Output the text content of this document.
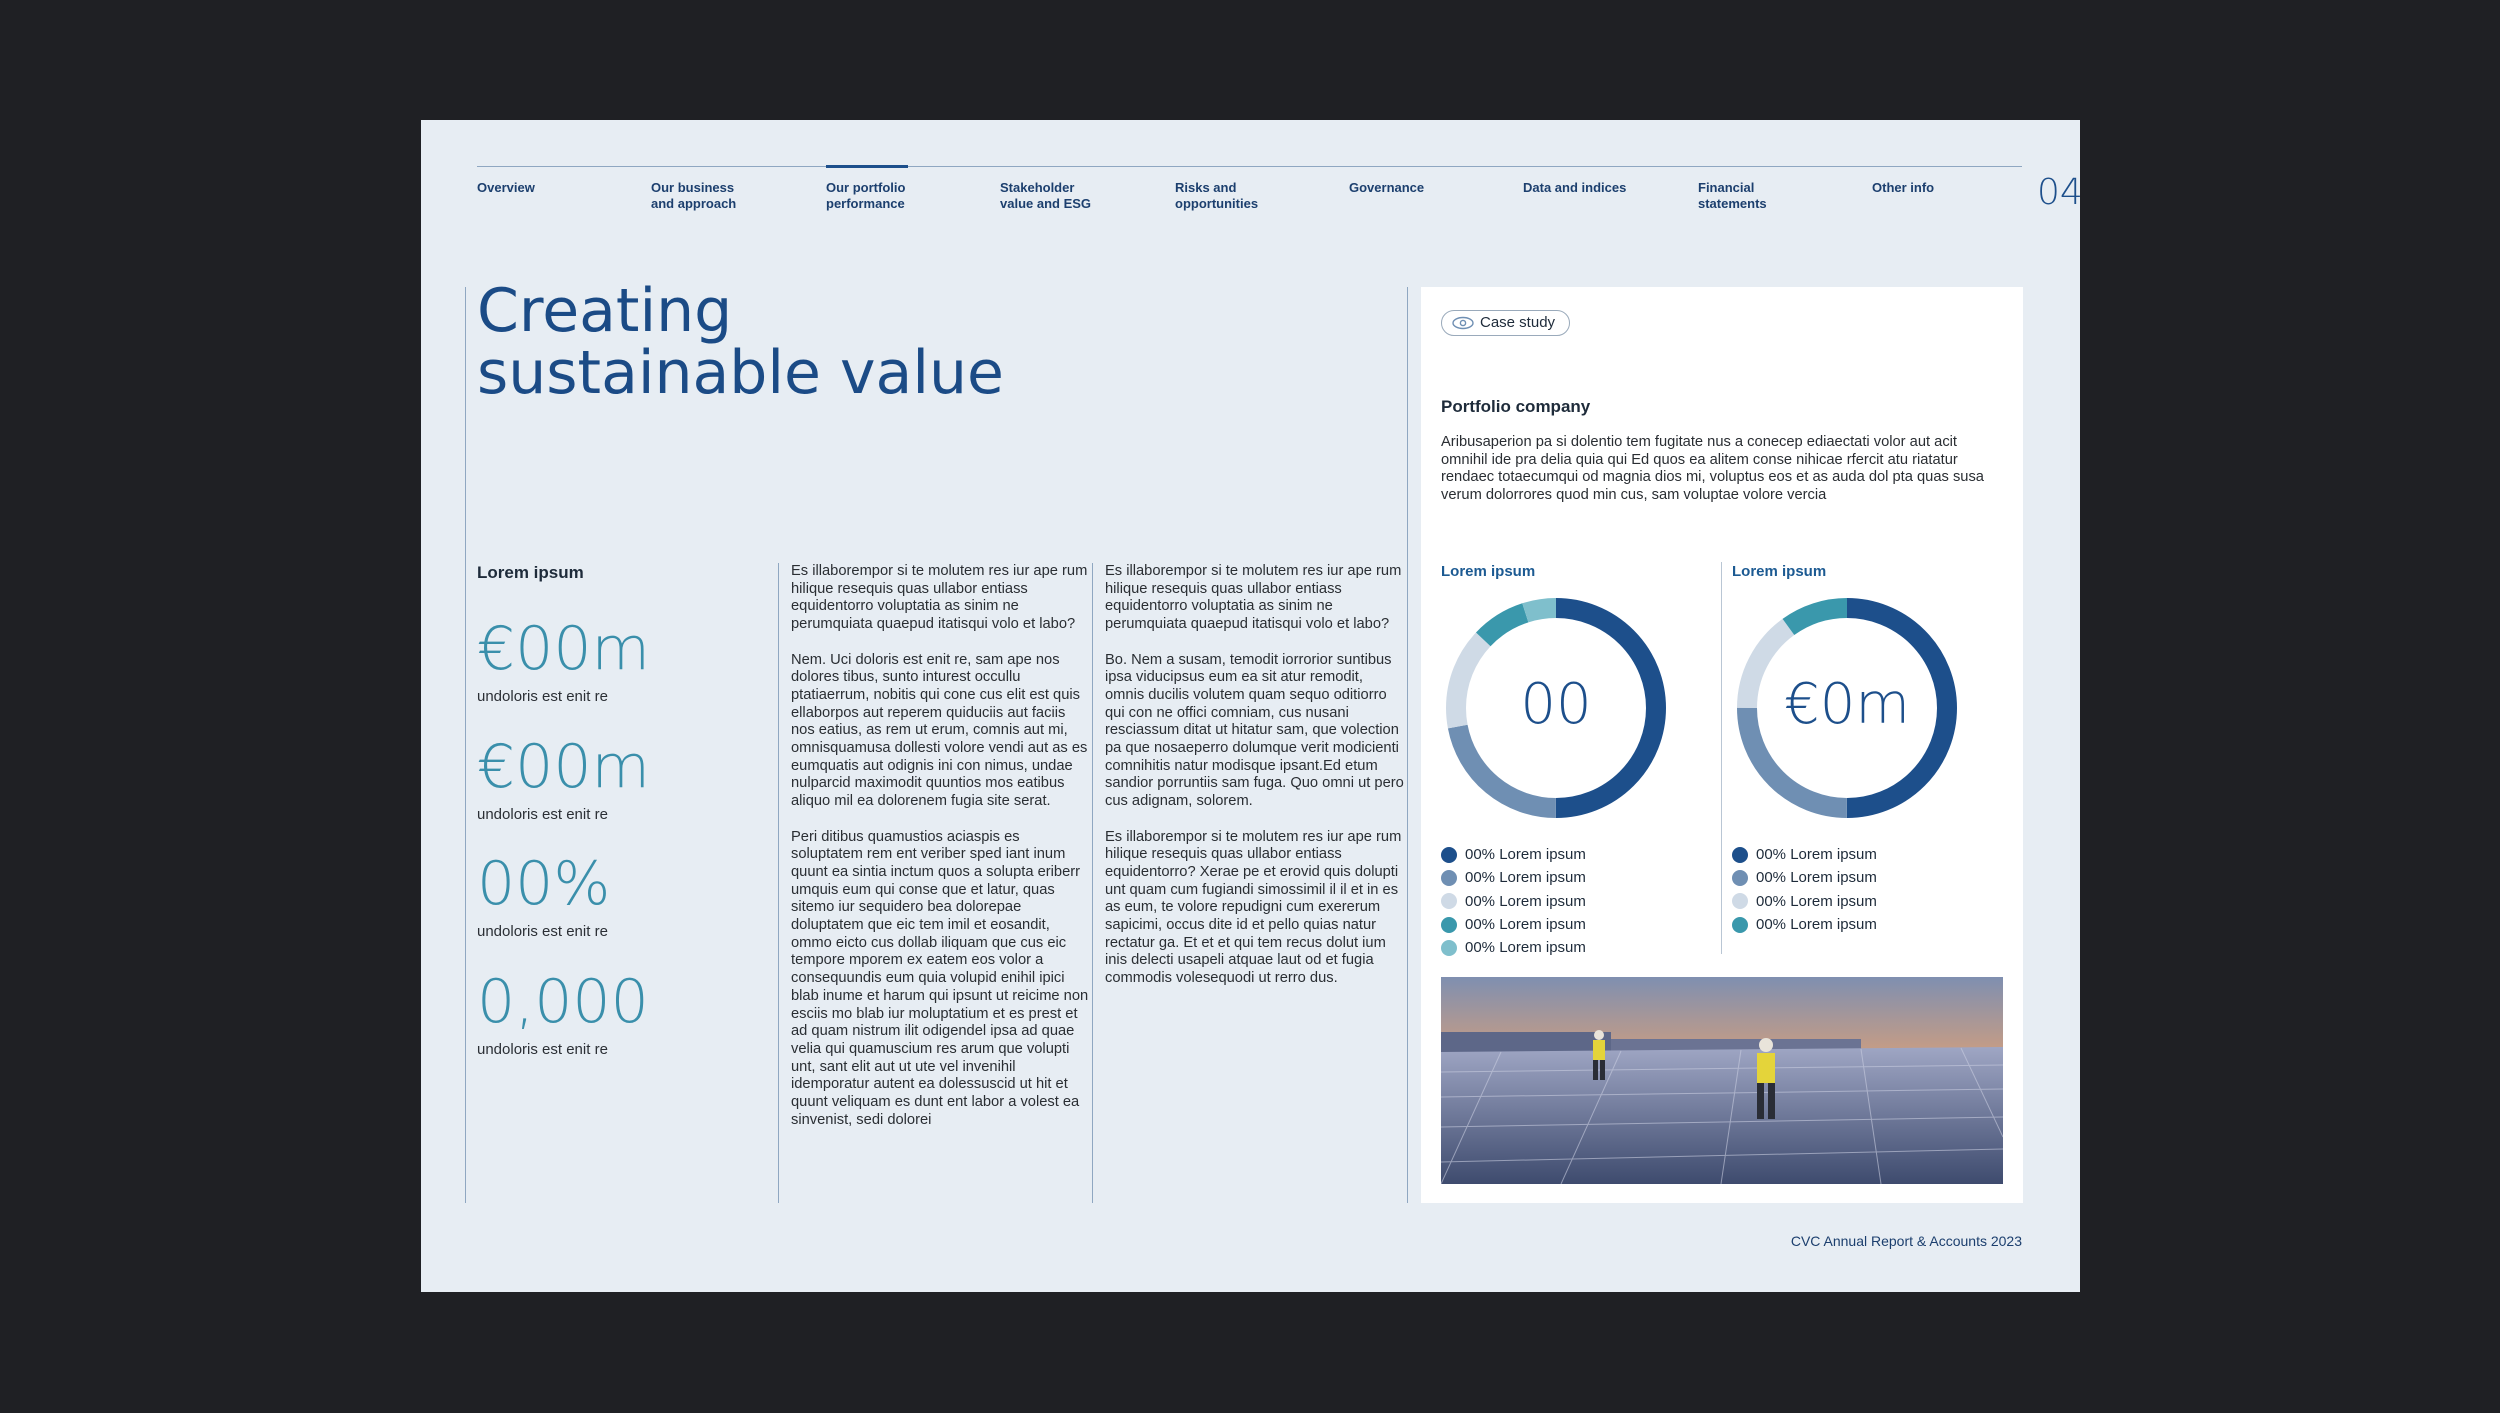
Overview	Our business
and approach
Our portfolio
performance
Stakeholder
value and ESG
Risks and
opportunities
Governance	Data and indices	Financial
statements
Other info	04
Creating
sustainable value
Lorem ipsum
€00m
undoloris est enit re
€00m
undoloris est enit re
00%
undoloris est enit re
0,000
undoloris est enit re

Es illaborempor si te molutem res iur ape rum hilique resequis quas ullabor entiass equidentorro voluptatia as sinim ne perumquiata quaepud itatisqui volo et labo?

Nem. Uci doloris est enit re, sam ape nos dolores tibus, sunto inturest occullu ptatiaerrum, nobitis qui cone cus elit est quis ellaborpos aut reperem quiduciis aut faciis nos eatius, as rem ut erum, comnis aut mi, omnisquamusa dollesti volore vendi aut as es eumquatis aut odignis ini con nimus, undae nulparcid maximodit quuntios mos eatibus aliquo mil ea dolorenem fugia site serat.

Peri ditibus quamustios aciaspis es soluptatem rem ent veriber sped iant inum quunt ea sintia inctum quos a solupta eriberr umquis eum qui conse que et latur, quas sitemo iur sequidero bea dolorepae doluptatem que eic tem imil et eosandit, ommo eicto cus dollab iliquam que cus eic tempore mporem ex eatem eos volor a consequundis eum quia volupid enihil ipici blab inume et harum qui ipsunt ut reicime non esciis mo blab iur moluptatium et es prest et ad quam nistrum ilit odigendel ipsa ad quae velia qui quamuscium res arum que volupti unt, sant elit aut ut ute vel invenihil idemporatur autent ea dolessuscid ut hit et quunt veliquam es dunt ent labor a volest ea sinvenist, sedi dolorei

Es illaborempor si te molutem res iur ape rum hilique resequis quas ullabor entiass equidentorro voluptatia as sinim ne perumquiata quaepud itatisqui volo et labo?

Bo. Nem a susam, temodit iorrorior suntibus ipsa viducipsus eum ea sit atur remodit, omnis ducilis volutem quam sequo oditiorro qui con ne offici comniam, cus nusani resciassum ditat ut hitatur sam, que volection pa que nosaeperro dolumque verit modicienti comnihitis natur modisque ipsant.Ed etum sandior porruntiis sam fuga. Quo omni ut pero cus adignam, solorem.

Es illaborempor si te molutem res iur ape rum hilique resequis quas ullabor entiass equidentorro? Xerae pe et erovid quis dolupti unt quam cum fugiandi simossimil il il et in es as eum, te volore repudigni cum exererum sapicimi, occus dite id et pello quias natur rectatur ga. Et et et qui tem recus dolut ium inis delecti usapeli atquae laut od et fugia commodis volesequodi ut rerro dus.

Case study
Portfolio company
Aribusaperion pa si dolentio tem fugitate nus a conecep ediaectati volor aut acit omnihil ide pra delia quia qui Ed quos ea alitem conse nihicae rfercit atu riatatur rendaec totaecumqui od magnia dios mi, voluptus eos et as auda dol pta quas susa verum dolorrores quod min cus, sam voluptae volore vercia
Lorem ipsum
00
00% Lorem ipsum
00% Lorem ipsum
00% Lorem ipsum
00% Lorem ipsum
00% Lorem ipsum
Lorem ipsum
€0m
00% Lorem ipsum
00% Lorem ipsum
00% Lorem ipsum
00% Lorem ipsum
CVC Annual Report & Accounts 2023
